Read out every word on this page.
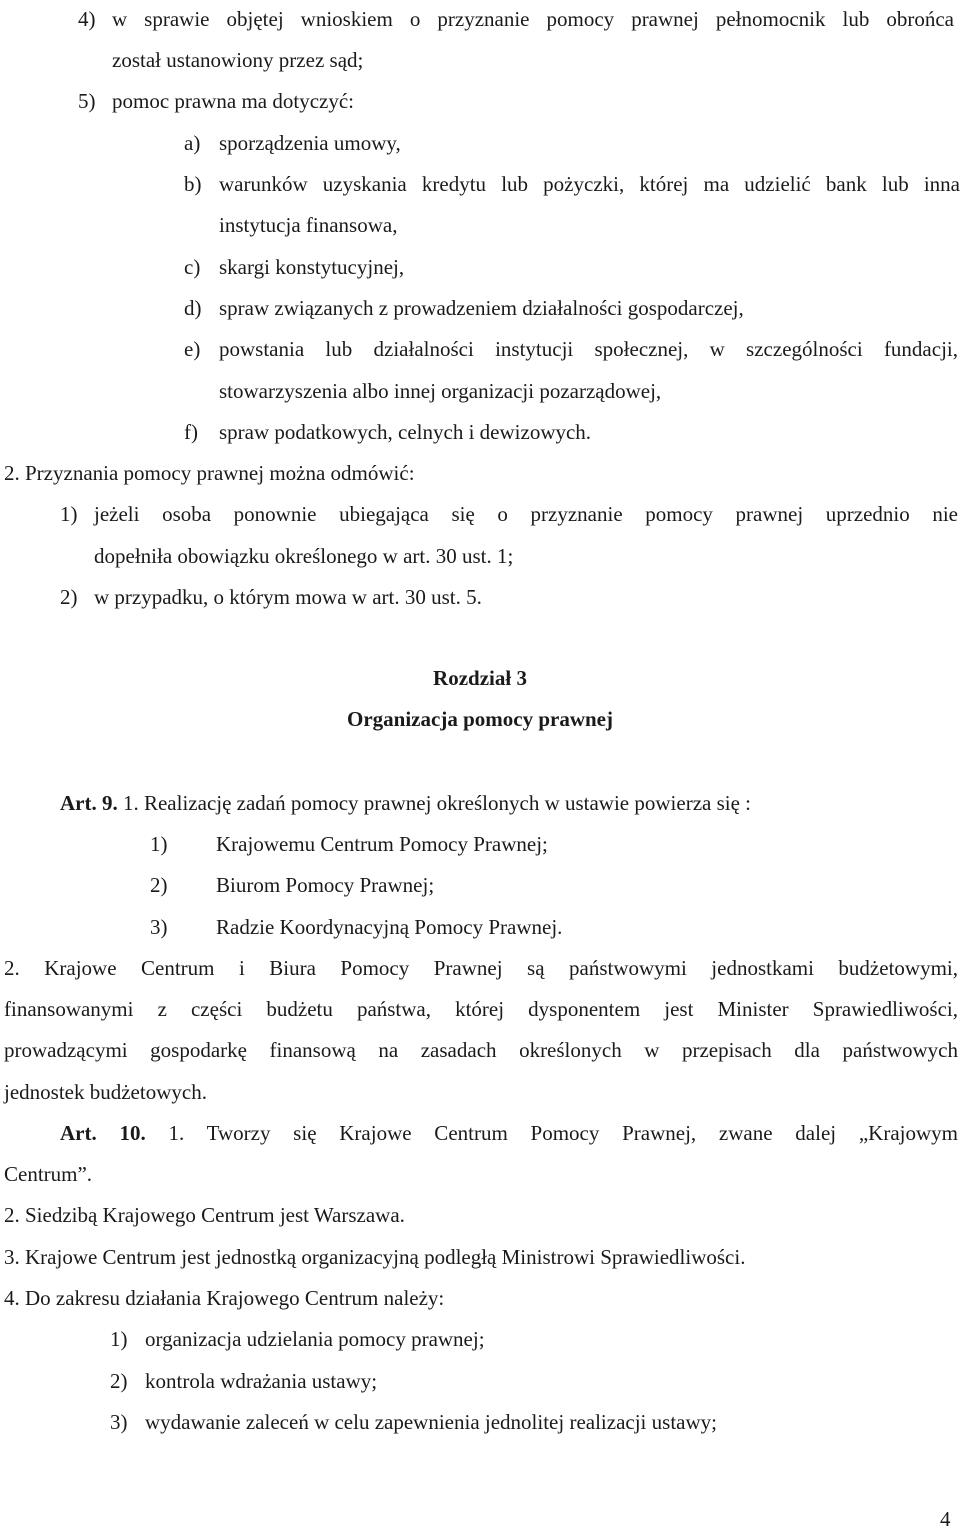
4) w sprawie objętej wnioskiem o przyznanie pomocy prawnej pełnomocnik lub obrońca
został ustanowiony przez sąd;
5) pomoc prawna ma dotyczyć:
a) sporządzenia umowy,
b) warunków uzyskania kredytu lub pożyczki, której ma udzielić bank lub inna
instytucja finansowa,
c) skargi konstytucyjnej,
d) spraw związanych z prowadzeniem działalności gospodarczej,
e) powstania lub działalności instytucji społecznej, w szczególności fundacji,
stowarzyszenia albo innej organizacji pozarządowej,
f) spraw podatkowych, celnych i dewizowych.
2. Przyznania pomocy prawnej można odmówić:
1) jeżeli osoba ponownie ubiegająca się o przyznanie pomocy prawnej uprzednio nie
dopełniła obowiązku określonego w art. 30 ust. 1;
2) w przypadku, o którym mowa w art. 30 ust. 5.
Rozdział 3
Organizacja pomocy prawnej
Art. 9. 1. Realizację zadań pomocy prawnej określonych w ustawie powierza się :
1) Krajowemu Centrum Pomocy Prawnej;
2) Biurom Pomocy Prawnej;
3) Radzie Koordynacyjną Pomocy Prawnej.
2. Krajowe Centrum i Biura Pomocy Prawnej są państwowymi jednostkami budżetowymi,
finansowanymi z części budżetu państwa, której dysponentem jest Minister Sprawiedliwości,
prowadzącymi gospodarkę finansową na zasadach określonych w przepisach dla państwowych
jednostek budżetowych.
Art. 10. 1. Tworzy się Krajowe Centrum Pomocy Prawnej, zwane dalej „Krajowym
Centrum”.
2. Siedzibą Krajowego Centrum jest Warszawa.
3. Krajowe Centrum jest jednostką organizacyjną podległą Ministrowi Sprawiedliwości.
4. Do zakresu działania Krajowego Centrum należy:
1) organizacja udzielania pomocy prawnej;
2) kontrola wdrażania ustawy;
3) wydawanie zaleceń w celu zapewnienia jednolitej realizacji ustawy;
4
